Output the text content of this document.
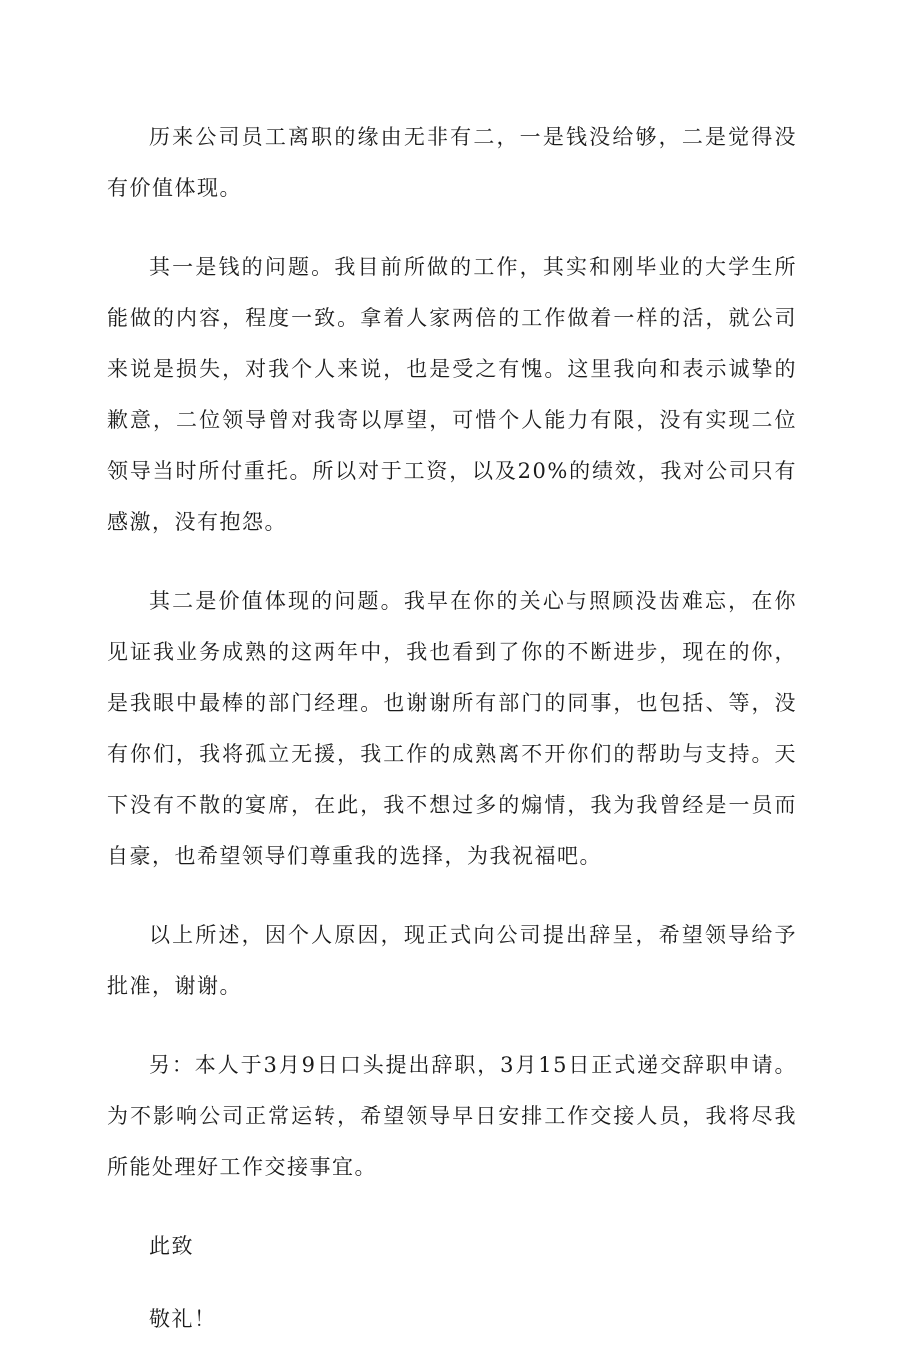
历来公司员工离职的缘由无非有二，一是钱没给够，二是觉得没有价值体现。

其一是钱的问题。我目前所做的工作，其实和刚毕业的大学生所能做的内容，程度一致。拿着人家两倍的工作做着一样的活，就公司来说是损失，对我个人来说，也是受之有愧。这里我向和表示诚挚的歉意，二位领导曾对我寄以厚望，可惜个人能力有限，没有实现二位领导当时所付重托。所以对于工资，以及20%的绩效，我对公司只有感激，没有抱怨。

其二是价值体现的问题。我早在你的关心与照顾没齿难忘，在你见证我业务成熟的这两年中，我也看到了你的不断进步，现在的你，是我眼中最棒的部门经理。也谢谢所有部门的同事，也包括、等，没有你们，我将孤立无援，我工作的成熟离不开你们的帮助与支持。天下没有不散的宴席，在此，我不想过多的煽情，我为我曾经是一员而自豪，也希望领导们尊重我的选择，为我祝福吧。

以上所述，因个人原因，现正式向公司提出辞呈，希望领导给予批准，谢谢。

另：本人于3月9日口头提出辞职，3月15日正式递交辞职申请。为不影响公司正常运转，希望领导早日安排工作交接人员，我将尽我所能处理好工作交接事宜。

此致

敬礼！
